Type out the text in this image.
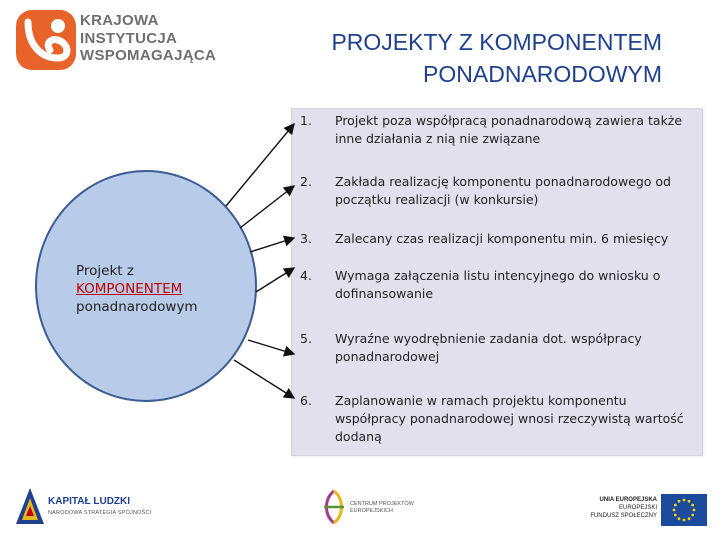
KRAJOWA
INSTYTUCJA
WSPOMAGAJĄCA
PROJEKTY Z KOMPONENTEM
PONADNARODOWYM
1. Projekt poza współpracą ponadnarodową zawiera także inne działania z nią nie związane
2. Zakłada realizację komponentu ponadnarodowego od początku realizacji (w konkursie)
3. Zalecany czas realizacji komponentu min. 6 miesięcy
4. Wymaga załączenia listu intencyjnego do wniosku o dofinansowanie
5. Wyraźne wyodrębnienie zadania dot. współpracy ponadnarodowej
6. Zaplanowanie w ramach projektu komponentu współpracy ponadnarodowej wnosi rzeczywistą wartość dodaną
Projekt z
KOMPONENTEM
ponadnarodowym
KAPITAŁ LUDZKI
NARODOWA STRATEGIA SPÓJNOŚCI
CENTRUM PROJEKTÓW
EUROPEJSKICH
UNIA EUROPEJSKA
EUROPEJSKI
FUNDUSZ SPOŁECZNY
